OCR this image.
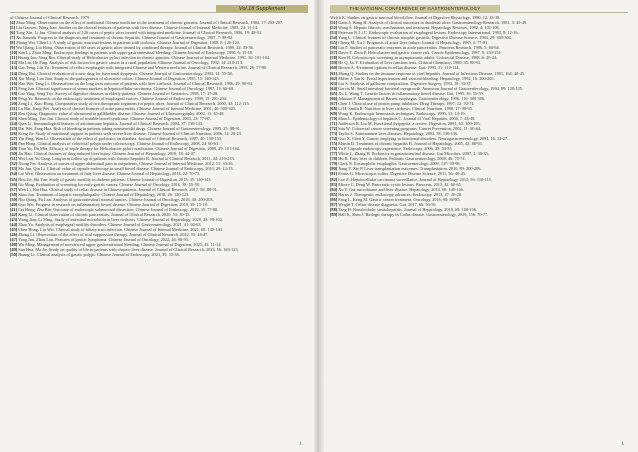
Vol.18 Supplement
of Chinese Journal of Clinical Research, 1979.
[4] Zhao Ming. Observation on the effect of traditional Chinese medicine in the treatment of chronic gastritis. Journal of Clinical Research, 1984, 17: 203-207.
[5] Liu Gaowei, Wang Jian. Studies on the clinical features of patients with liver disease. Chinese Journal of Internal Medicine, 1985, 24: 11-14.
[6] Tong Xin, Li Jun. Clinical analysis of 126 cases of peptic ulcer treated with integrated medicine. Journal of Clinical Research, 1986, 19: 48-51.
[7] Xu Jianmin. Progress in the diagnosis and treatment of chronic hepatitis. Chinese Journal of Gastroenterology, 1987, 7: 88-92.
[8] Zhang Wei, Chen Li. A study of gastric mucosal lesions in patients with cirrhosis. Chinese Journal of Digestion, 1988, 8: 120-123.
[9] Wu Qiang, Liu Hong. Observation of 60 cases of gastric ulcer treated by combined therapy. Journal of Clinical Research, 1989, 22: 33-36.
[10] Sun Li, Zhou Ming. Endoscopic findings in patients with upper gastrointestinal bleeding. Chinese Journal of Endoscopy, 1990, 6: 15-18.
[11] Huang Jun, Yang Bin. Clinical study of Helicobacter pylori infection in chronic gastritis. Chinese Journal of Internal Medicine, 1991, 30: 101-104.
[12] Ma Lin, He Ping. Analysis of risk factors for gastric cancer in a rural population. Chinese Journal of Oncology, 1992, 14: 210-213.
[13] Gao Feng, Lin Yu. Treatment of reflux esophagitis with integrated Chinese and Western medicine. Journal of Clinical Research, 1993, 26: 77-80.
[14] Deng Hui. Clinical evaluation of a new drug for functional dyspepsia. Chinese Journal of Gastroenterology, 1994, 14: 55-58.
[15] Xie Ming, Luo Jian. Study of the pathogenesis of ulcerative colitis. Chinese Journal of Digestion, 1995, 15: 140-143.
[16] Han Wei, Tang Li. Observations on the long term outcome of patients with liver cirrhosis. Journal of Clinical Research, 1996, 29: 90-94.
[17] Feng Jun. Clinical significance of serum markers in hepatocellular carcinoma. Chinese Journal of Oncology, 1997, 19: 66-69.
[18] Cao Ying, Song Tao. Survey of digestive diseases in elderly patients. Chinese Journal of Geriatrics, 1998, 17: 25-28.
[19] Peng Yu. Research on the endoscopic treatment of esophageal varices. Chinese Journal of Endoscopy, 1999, 15: 201-204.
[20] Zeng Li, Xiao Hong. Comparative study of two therapeutic regimens for peptic ulcer. Journal of Clinical Research, 2000, 33: 112-115.
[21] Lu Bin, Jiang Wei. Analysis of clinical features of acute pancreatitis. Chinese Journal of Internal Medicine, 2001, 40: 300-303.
[22] Ren Qiang. Diagnostic value of ultrasound in gallbladder disease. Chinese Journal of Ultrasonography, 2002, 11: 45-48.
[23] Shen Ming, Yao Jun. Clinical study of irritable bowel syndrome. Chinese Journal of Digestion, 2003, 23: 77-80.
[24] Qian Li. Immunological features of autoimmune hepatitis. Journal of Clinical Research, 2004, 37: 130-133.
[25] Dai Wei, Fang Hua. Risk of bleeding in patients taking nonsteroidal drugs. Chinese Journal of Gastroenterology, 2005, 25: 88-91.
[26] Kong Jie. Study of nutritional support in patients with severe liver disease. Chinese Journal of Clinical Nutrition, 2006, 14: 20-23.
[27] Yin Ping, Wan Li. Observation of the effect of probiotics on diarrhea. Journal of Clinical Research, 2007, 40: 150-153.
[28] Pan Hong. Clinical analysis of colorectal polyps under colonoscopy. Chinese Journal of Endoscopy, 2008, 24: 60-63.
[29] Tian Yu, Du Min. Efficacy of triple therapy for Helicobacter pylori eradication. Chinese Journal of Digestion, 2009, 29: 101-104.
[30] Jin Hao. Clinical features of drug induced liver injury. Chinese Journal of Hepatology, 2010, 18: 44-47.
[31] Wei Lan, Yu Gang. Long term follow up of patients with chronic hepatitis B. Journal of Clinical Research, 2011, 44: 210-213.
[32] Xiong Fei. Analysis of causes of upper abdominal pain in outpatients. Chinese Journal of Internal Medicine, 2012, 51: 33-36.
[33] Mo Jun, Qin Li. Clinical value of capsule endoscopy in small bowel disease. Chinese Journal of Endoscopy, 2013, 29: 12-15.
[34] Lai Wen. Observation on treatment of fatty liver disease. Chinese Journal of Hepatology, 2014, 22: 70-73.
[35] Hou Jie, Shi Yan. Study of gastric motility in diabetic patients. Chinese Journal of Digestion, 2015, 35: 140-143.
[36] Gu Ming. Evaluation of screening for early gastric cancer. Chinese Journal of Oncology, 2016, 38: 55-58.
[37] Wen Li, Bai Hua. Clinical study of celiac disease in Chinese patients. Journal of Clinical Research, 2017, 50: 88-91.
[38] Shao Jun. Treatment of hepatic encephalopathy. Chinese Journal of Hepatology, 2018, 26: 120-123.
[39] Niu Qiang, Fu Lan. Analysis of gastrointestinal stromal tumors. Chinese Journal of Oncology, 2018, 40: 200-203.
[40] Guo Wei. Progress in research on inflammatory bowel disease. Chinese Journal of Digestion, 2019, 39: 15-18.
[41] Lei Hong, Zhu Bin. Outcome of endoscopic submucosal dissection. Chinese Journal of Endoscopy, 2019, 35: 77-80.
[42] Kang Li. Clinical observation of chronic pancreatitis. Journal of Clinical Research, 2020, 53: 30-33.
[43] Wang Jian, Li Ming. Study of intestinal microbiota in liver cirrhosis. Chinese Journal of Hepatology, 2020, 28: 99-102.
[44] Zhao Yu. Analysis of esophageal motility disorders. Chinese Journal of Gastroenterology, 2021, 41: 60-63.
[45] Chen Hong, Liu Wei. Clinical study of biliary tract infection. Chinese Journal of Internal Medicine, 2021, 60: 140-143.
[46] Zhang Li. Observation of the effect of acid suppression therapy. Journal of Clinical Research, 2022, 55: 44-47.
[47] Yang Jun, Zhou Lan. Features of gastric lymphoma. Chinese Journal of Oncology, 2022, 44: 90-93.
[48] Wu Ming. Management of nonvariceal upper gastrointestinal bleeding. Chinese Journal of Digestion, 2023, 43: 11-14.
[49] Sun Hua, Ma Jie. Study on quality of life in patients with chronic liver disease. Journal of Clinical Research, 2023, 56: 120-123.
[50] Huang Li. Clinical analysis of gastric polyps. Chinese Journal of Endoscopy, 2023, 39: 33-36.
1
THE NATIONAL CONFERENCE OF GASTROENTEROLOGY
Welch K. Studies on gastric mucosal blood flow. Journal of Digestive Physiology, 1980, 12: 33-38.
[51] Gaon J, Wang H. Analysis of clinical outcomes in duodenal ulcer. Gastroenterology Research, 1981, 3: 45-49.
[52] Wang S. Hepatic fibrosis: mechanisms and treatment. Hepatology Reviews, 1982, 4: 101-106.
[53] Peterson R, Li C. Endoscopic evaluation of esophageal lesions. Endoscopy International, 1983, 8: 12-16.
[54] Yang L. Clinical features of chronic atrophic gastritis. Digestive Disease Science, 1984, 29: 300-304.
[55] Cheng M, Xu J. Prognosis of acute liver failure. Journal of Hepatology, 1985, 2: 77-81.
[56] Lin F. Studies of pancreatic enzymes in acute pancreatitis. Pancreas Research, 1986, 5: 60-64.
[57] Davis T, Zhou P. Helicobacter and gastric cancer risk. Cancer Epidemiology, 1987, 9: 150-154.
[58] Kim H. Colonoscopic screening in asymptomatic adults. Colorectal Disease, 1988, 6: 20-24.
[59] He Q, Lu Y. Evaluation of liver function tests. Clinical Chemistry, 1989, 35: 88-92.
[60] Brown A. Treatment options in reflux disease. Gut, 1990, 31: 110-114.
[61] Zhang Q. Studies on the immune response in viral hepatitis. Journal of Infectious Disease, 1991, 164: 40-45.
[62] Miller J, Tan K. Portal hypertension and variceal bleeding. Hepatology, 1992, 16: 200-205.
[63] Liu S. Analysis of gallstone composition. Digestive Surgery, 1993, 10: 33-37.
[64] Garcia M. Small intestinal bacterial overgrowth. American Journal of Gastroenterology, 1994, 89: 120-125.
[65] Xu L, Wang T. Genetic factors in inflammatory bowel disease. Gut, 1995, 36: 55-59.
[66] Johnson P. Management of Barrett esophagus. Gastroenterology, 1996, 110: 300-306.
[67] Chen J. Clinical use of proton pump inhibitors. Drug Therapy, 1997, 12: 70-74.
[68] Li H, Smith R. Nutrition in liver cirrhosis. Clinical Nutrition, 1998, 17: 90-95.
[69] Wong K. Endoscopic hemostasis techniques. Endoscopy, 1999, 31: 14-19.
[70] Zhao L. Epidemiology of hepatitis C. Journal of Viral Hepatitis, 2000, 7: 44-48.
[71] Anderson B, Liu M. Functional dyspepsia: a review. Digestion, 2001, 63: 100-105.
[72] Sun W. Colorectal cancer screening programs. Cancer Prevention, 2002, 11: 60-64.
[73] Taylor S. Autoimmune liver diseases. Hepatology, 2003, 38: 130-136.
[74] Guo X, Chen Y. Gastric emptying in functional disorders. Neurogastroenterology, 2004, 16: 22-27.
[75] Martin D. Treatment of chronic hepatitis B. Journal of Hepatology, 2005, 42: 88-93.
[76] Yu F. Capsule endoscopy experience. Endoscopy, 2006, 38: 50-55.
[77] White L, Zhang H. Probiotics in gastrointestinal disease. Gut Microbes, 2007, 2: 30-35.
[78] Hu R. Fatty liver in children. Pediatric Gastroenterology, 2008, 46: 70-74.
[79] Clark N. Eosinophilic esophagitis. Gastroenterology, 2009, 137: 90-96.
[80] Jiang Y, Xie P. Liver transplantation outcomes. Transplantation, 2010, 89: 200-206.
[81] Evans G. Microscopic colitis. Digestive Disease Science, 2011, 56: 40-45.
[82] Luo Z. Hepatocellular carcinoma surveillance. Journal of Hepatology, 2012, 56: 110-115.
[83] Moore C, Deng W. Pancreatic cystic lesions. Pancreas, 2013, 42: 60-65.
[84] Xu Y. Gut microbiome and liver disease. Hepatology, 2014, 60: 140-146.
[85] Harris J. Therapeutic endoscopy advances. Endoscopy, 2015, 47: 20-26.
[86] Fang L, Kong M. Gastric cancer treatment. Oncology, 2016, 90: 80-85.
[87] Wright T. Celiac disease diagnosis. Gut, 2017, 66: 50-56.
[88] Tang H. Nonalcoholic steatohepatitis. Journal of Hepatology, 2018, 68: 100-106.
[89] Hall K, Shen J. Biologic therapy in Crohn disease. Gastroenterology, 2019, 156: 70-77.
1
